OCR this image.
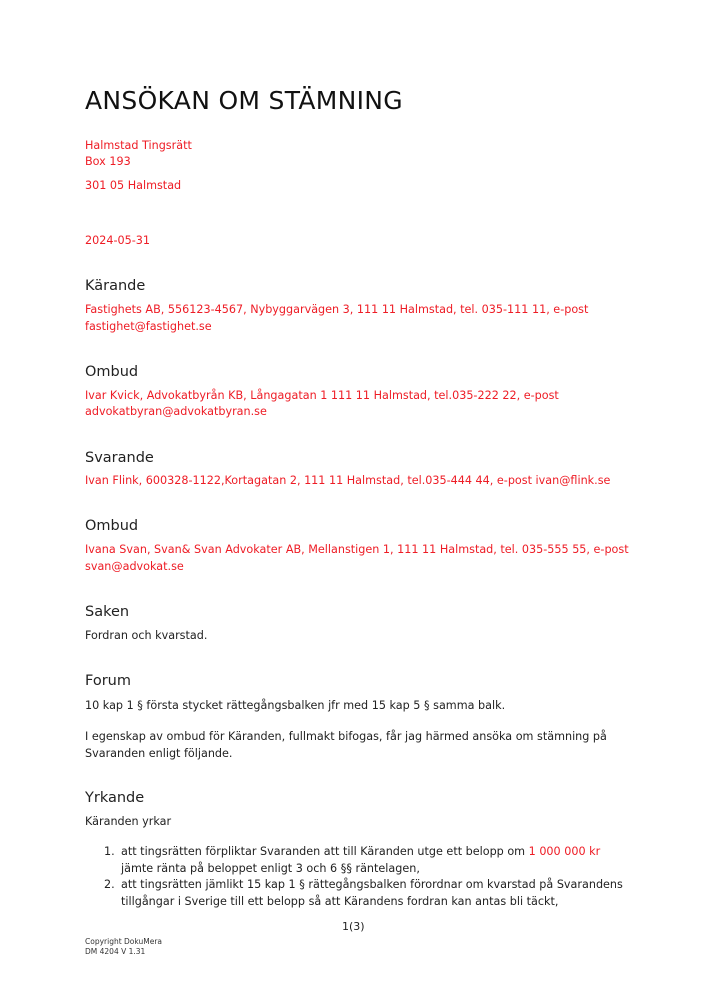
ANSÖKAN OM STÄMNING
Halmstad Tingsrätt
Box 193
301 05 Halmstad
2024-05-31
Kärande
Fastighets AB, 556123-4567, Nybyggarvägen 3, 111 11 Halmstad, tel. 035-111 11, e-post
fastighet@fastighet.se
Ombud
Ivar Kvick, Advokatbyrån KB, Långagatan 1 111 11 Halmstad, tel.035-222 22, e-post
advokatbyran@advokatbyran.se
Svarande
Ivan Flink, 600328-1122,Kortagatan 2, 111 11 Halmstad, tel.035-444 44, e-post ivan@flink.se
Ombud
Ivana Svan, Svan& Svan Advokater AB, Mellanstigen 1, 111 11 Halmstad, tel. 035-555 55, e-post
svan@advokat.se
Saken
Fordran och kvarstad.
Forum
10 kap 1 § första stycket rättegångsbalken jfr med 15 kap 5 § samma balk.
I egenskap av ombud för Käranden, fullmakt bifogas, får jag härmed ansöka om stämning på
Svaranden enligt följande.
Yrkande
Käranden yrkar
1. att tingsrätten förpliktar Svaranden att till Käranden utge ett belopp om 1 000 000 kr
jämte ränta på beloppet enligt 3 och 6 §§ räntelagen,
2. att tingsrätten jämlikt 15 kap 1 § rättegångsbalken förordnar om kvarstad på Svarandens
tillgångar i Sverige till ett belopp så att Kärandens fordran kan antas bli täckt,
1(3)
Copyright DokuMera
DM 4204 V 1.31
